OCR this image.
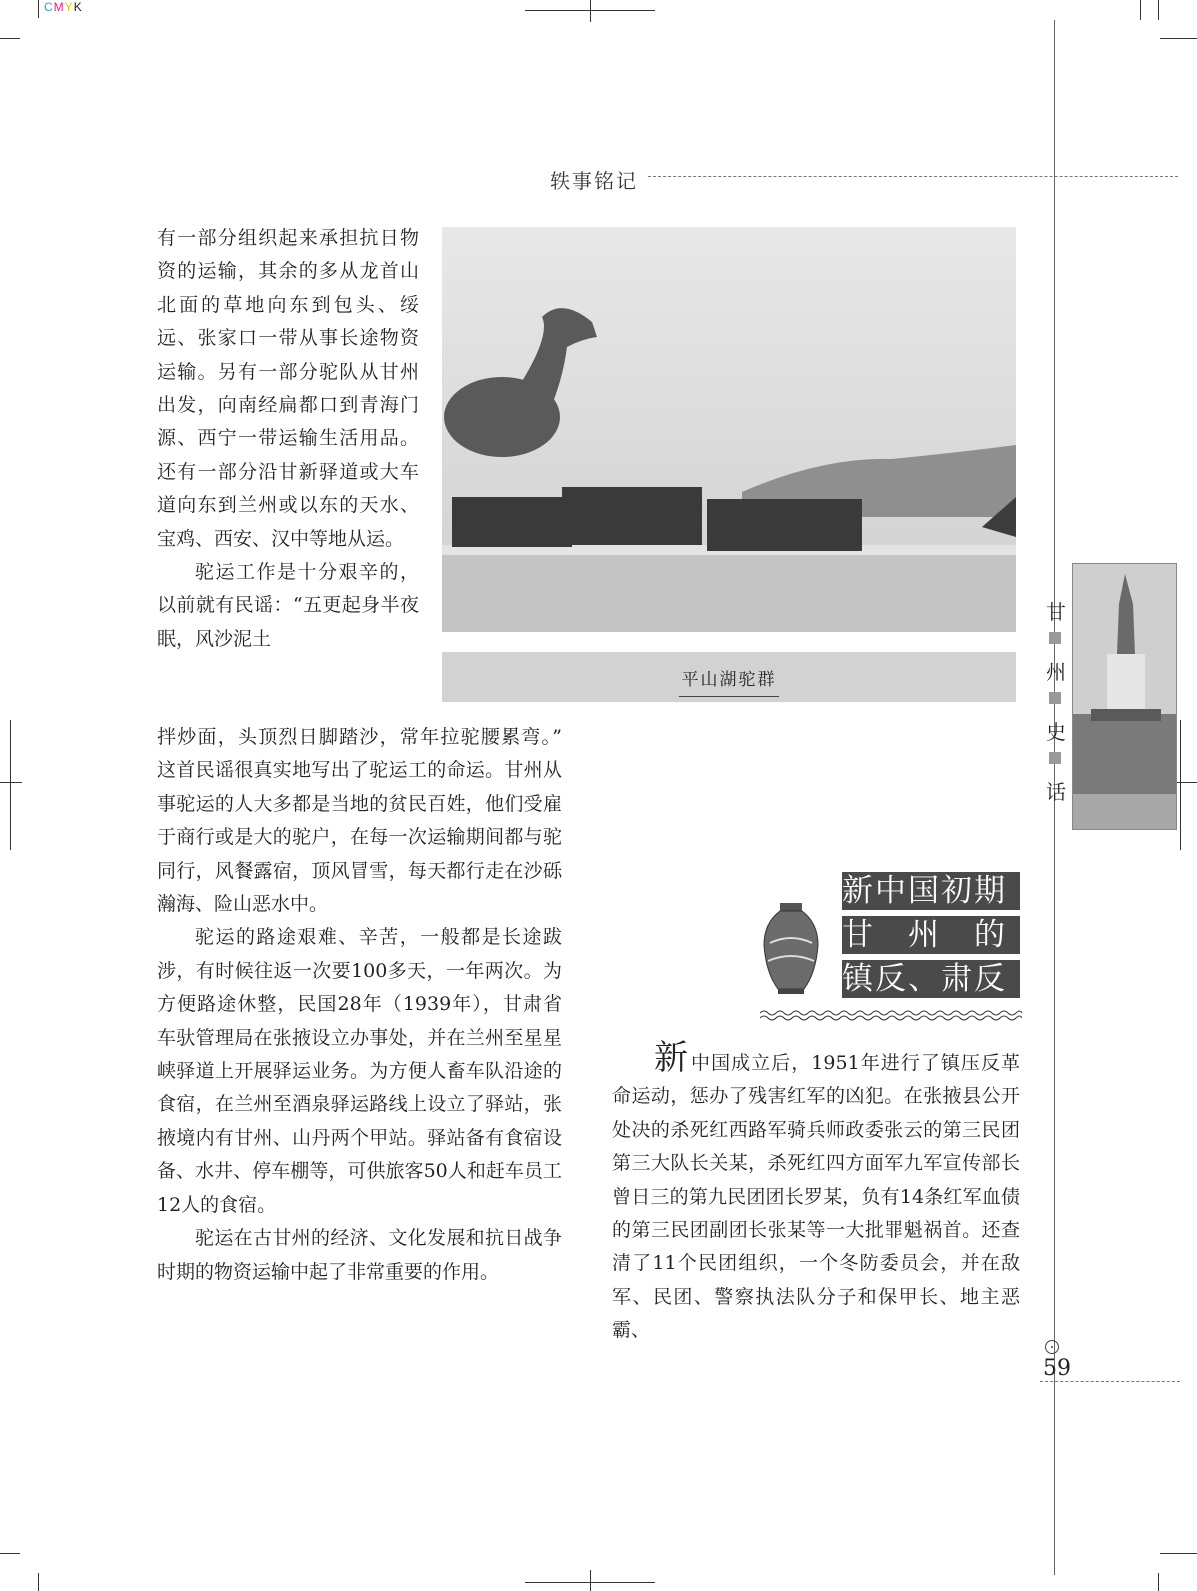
CMYK
轶事铭记

有一部分组织起来承担抗日物资的运输，其余的多从龙首山北面的草地向东到包头、绥远、张家口一带从事长途物资运输。另有一部分驼队从甘州出发，向南经扁都口到青海门源、西宁一带运输生活用品。还有一部分沿甘新驿道或大车道向东到兰州或以东的天水、宝鸡、西安、汉中等地从运。

驼运工作是十分艰辛的，以前就有民谣：“五更起身半夜眠，风沙泥土

拌炒面，头顶烈日脚踏沙，常年拉驼腰累弯。” 这首民谣很真实地写出了驼运工的命运。甘州从事驼运的人大多都是当地的贫民百姓，他们受雇于商行或是大的驼户，在每一次运输期间都与驼同行，风餐露宿，顶风冒雪，每天都行走在沙砾瀚海、险山恶水中。

驼运的路途艰难、辛苦，一般都是长途跋涉，有时候往返一次要100多天，一年两次。为方便路途休整，民国28年（1939年），甘肃省车驮管理局在张掖设立办事处，并在兰州至星星峡驿道上开展驿运业务。为方便人畜车队沿途的食宿，在兰州至酒泉驿运路线上设立了驿站，张掖境内有甘州、山丹两个甲站。驿站备有食宿设备、水井、停车棚等，可供旅客50人和赶车员工12人的食宿。

驼运在古甘州的经济、文化发展和抗日战争时期的物资运输中起了非常重要的作用。

平山湖驼群
甘
州
史
话
新中国初期
甘　州　的
镇反、肃反

新中国成立后，1951年进行了镇压反革命运动，惩办了残害红军的凶犯。在张掖县公开处决的杀死红西路军骑兵师政委张云的第三民团第三大队长关某，杀死红四方面军九军宣传部长曾日三的第九民团团长罗某，负有14条红军血债的第三民团副团长张某等一大批罪魁祸首。还查清了11个民团组织，一个冬防委员会，并在敌军、民团、警察执法队分子和保甲长、地主恶霸、

59
